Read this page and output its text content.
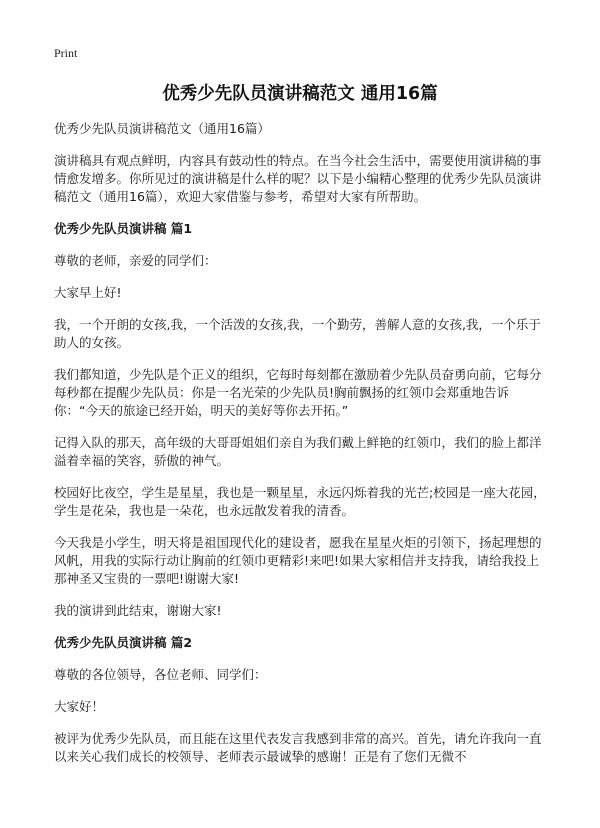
Print
优秀少先队员演讲稿范文 通用16篇

优秀少先队员演讲稿范文（通用16篇）

演讲稿具有观点鲜明，内容具有鼓动性的特点。在当今社会生活中，需要使用演讲稿的事情愈发增多。你所见过的演讲稿是什么样的呢？以下是小编精心整理的优秀少先队员演讲稿范文（通用16篇），欢迎大家借鉴与参考，希望对大家有所帮助。

优秀少先队员演讲稿 篇1

尊敬的老师，亲爱的同学们：

大家早上好!

我，一个开朗的女孩,我，一个活泼的女孩,我，一个勤劳，善解人意的女孩,我，一个乐于助人的女孩。

我们都知道，少先队是个正义的组织，它每时每刻都在激励着少先队员奋勇向前，它每分每秒都在提醒少先队员：你是一名光荣的少先队员!胸前飘扬的红领巾会郑重地告诉你：“今天的旅途已经开始，明天的美好等你去开拓。”

记得入队的那天，高年级的大哥哥姐姐们亲自为我们戴上鲜艳的红领巾，我们的脸上都洋溢着幸福的笑容，骄傲的神气。

校园好比夜空，学生是星星，我也是一颗星星，永远闪烁着我的光芒;校园是一座大花园，学生是花朵，我也是一朵花，也永远散发着我的清香。

今天我是小学生，明天将是祖国现代化的建设者，愿我在星星火炬的引领下，扬起理想的风帆，用我的实际行动让胸前的红领巾更精彩!来吧!如果大家相信并支持我，请给我投上那神圣又宝贵的一票吧!谢谢大家!

我的演讲到此结束，谢谢大家!

优秀少先队员演讲稿 篇2

尊敬的各位领导，各位老师、同学们：

大家好！

被评为优秀少先队员，而且能在这里代表发言我感到非常的高兴。首先，请允许我向一直以来关心我们成长的校领导、老师表示最诚挚的感谢！正是有了您们无微不
